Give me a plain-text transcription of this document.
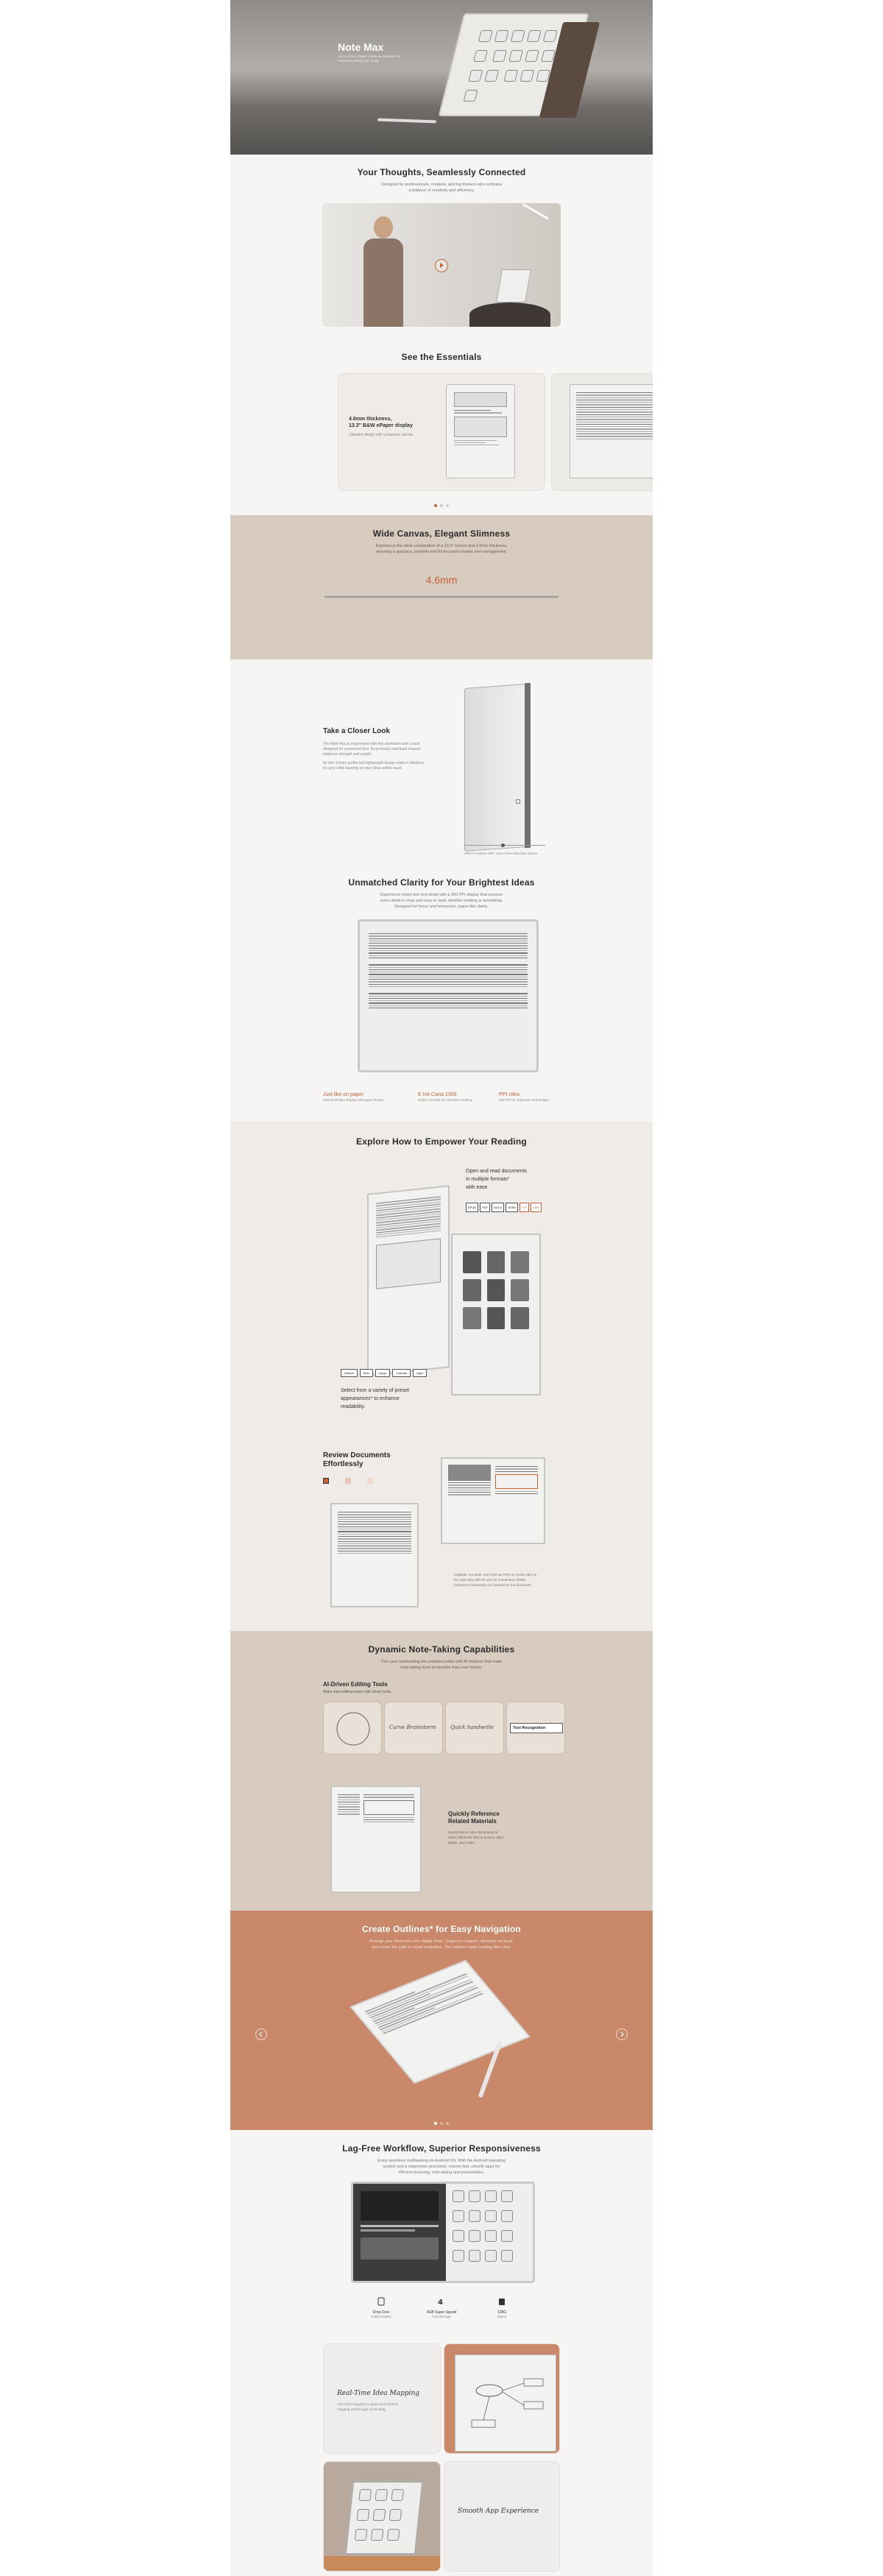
Note Max
An A4-sized ePaper notebook designed for maximum writing and clarity.

Your Thoughts, Seamlessly Connected
Designed for professionals, creators, and big thinkers who embrace
a balance of creativity and efficiency.
See the Essentials
4.6mm thickness,
13.3" B&W ePaper display
Ultraslim design with a massive canvas.
Wide Canvas, Elegant Slimness
Experience the ideal combination of a 13.3" screen and 4.6mm thickness,
ensuring a spacious, portable tool for focused creation and management.
4.6mm
Take a Closer Look
The Note Max is engineered with thin aluminum and a back
designed for a premium feel. Its precisely machined chassis
balances strength and weight.
Its slim 4.6mm profile and lightweight design make it effortless
to carry while keeping all your ideas within reach.
Slide to explore 360° view of the Note Max device.
Unmatched Clarity for Your Brightest Ideas
Experience sharp text and detail with a 300 PPI display that ensures
every detail is crisp and easy to read, whether reading or annotating.
Designed for focus and immersive, paper-like clarity.
Just like on paper
Natural ePaper display with paper texture.
E Ink Carta 1300
Higher contrast for smoother reading.
PPI Ultra
300 PPI for sharp text and images.
Explore How to Empower Your Reading
Open and read documents
in multiple formats*
with ease
EPUB	PDF	DOCX	MOBI	TXT	CBR
Default	Bold	Large	Contrast	Light
Select from a variety of preset
appearances* to enhance
readability.
Review Documents
Effortlessly
Highlight, annotate, and mark up PDFs or books right on
the Note Max with the pen for a seamless, lifelike
experience that keeps you focused on the document.
Dynamic Note-Taking Capabilities
Turn your handwriting into polished notes with AI features that make
note-taking more productive than ever before.
AI-Driven Editing Tools
Make note-editing easier with Smart tools.
Curve Brainstorm	Quick handwrite	Text Recognition
Quickly Reference
Related Materials
Quickly link to other documents or
notes; follow the links to jump to other
pages, your notes.
Create Outlines* for Easy Navigation
Arrange your ideas into your digital notes. Organize chapters, structure sections,
and create the path for rapid navigation. The outlines make locating files clear.
Lag-Free Workflow, Superior Responsiveness
Enjoy seamless multitasking on Android OS. With the Android operating
system and a responsive processor, ensure fast, smooth apps for
efficient browsing, note-taking and presentation.
Octa-Core
Rapid Display
4
4GB Super Speed
Fast Storage
128G
Space
Real-Time Idea Mapping
Add mind-mapping for quick and real-time
mapping and thought connecting.
Smooth App Experience
